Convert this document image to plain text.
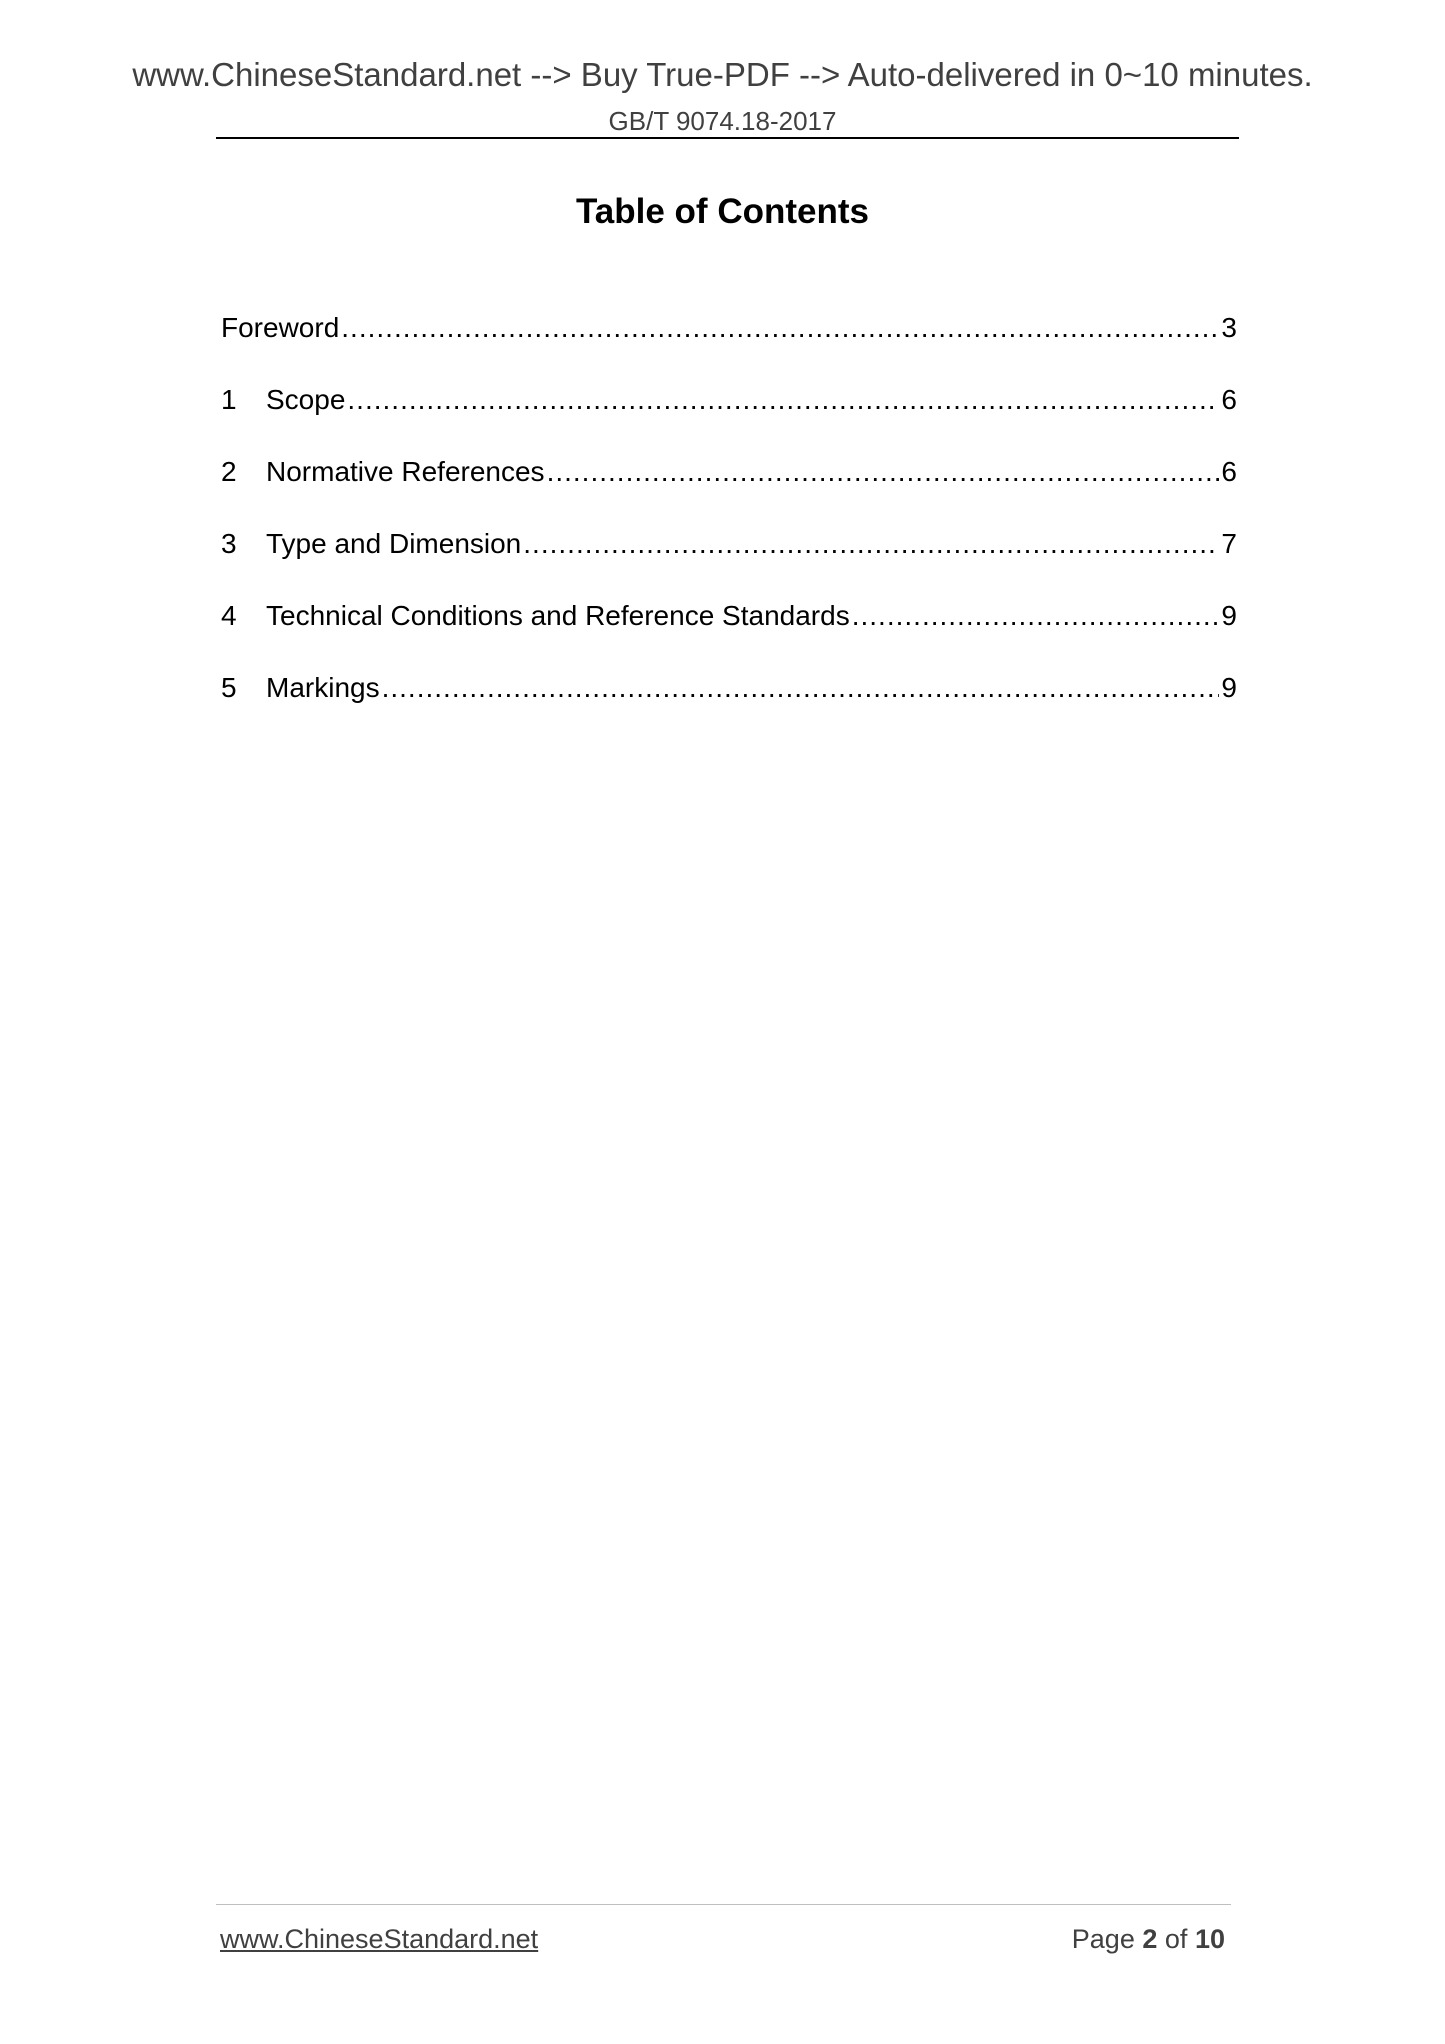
www.ChineseStandard.net --> Buy True-PDF --> Auto-delivered in 0~10 minutes.
GB/T 9074.18-2017
Table of Contents
Foreword .....	3
1	Scope .....	6
2	Normative References .....	6
3	Type and Dimension .....	7
4	Technical Conditions and Reference Standards .....	9
5	Markings .....	9
www.ChineseStandard.net	Page 2 of 10
